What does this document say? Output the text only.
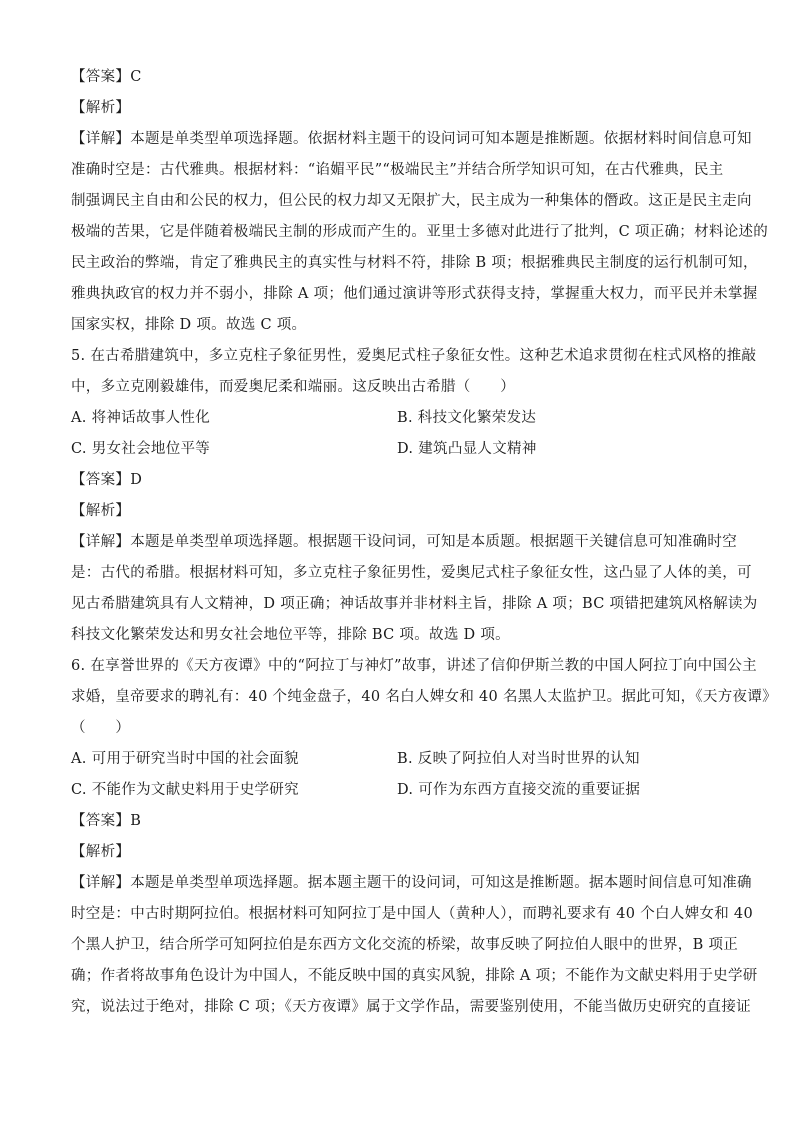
【答案】C
【解析】
【详解】本题是单类型单项选择题。依据材料主题干的设问词可知本题是推断题。依据材料时间信息可知
准确时空是：古代雅典。根据材料：“谄媚平民”“极端民主”并结合所学知识可知，在古代雅典，民主
制强调民主自由和公民的权力，但公民的权力却又无限扩大，民主成为一种集体的僭政。这正是民主走向
极端的苦果，它是伴随着极端民主制的形成而产生的。亚里士多德对此进行了批判，C 项正确；材料论述的
民主政治的弊端，肯定了雅典民主的真实性与材料不符，排除 B 项；根据雅典民主制度的运行机制可知，
雅典执政官的权力并不弱小，排除 A 项；他们通过演讲等形式获得支持，掌握重大权力，而平民并未掌握
国家实权，排除 D 项。故选 C 项。
5. 在古希腊建筑中，多立克柱子象征男性，爱奥尼式柱子象征女性。这种艺术追求贯彻在柱式风格的推敲
中，多立克刚毅雄伟，而爱奥尼柔和端丽。这反映出古希腊（　　）
A. 将神话故事人性化	B. 科技文化繁荣发达
C. 男女社会地位平等	D. 建筑凸显人文精神
【答案】D
【解析】
【详解】本题是单类型单项选择题。根据题干设问词，可知是本质题。根据题干关键信息可知准确时空
是：古代的希腊。根据材料可知，多立克柱子象征男性，爱奥尼式柱子象征女性，这凸显了人体的美，可
见古希腊建筑具有人文精神，D 项正确；神话故事并非材料主旨，排除 A 项；BC 项错把建筑风格解读为
科技文化繁荣发达和男女社会地位平等，排除 BC 项。故选 D 项。
6. 在享誉世界的《天方夜谭》中的“阿拉丁与神灯”故事，讲述了信仰伊斯兰教的中国人阿拉丁向中国公主
求婚，皇帝要求的聘礼有：40 个纯金盘子，40 名白人婢女和 40 名黑人太监护卫。据此可知，《天方夜谭》
（　　）
A. 可用于研究当时中国的社会面貌	B. 反映了阿拉伯人对当时世界的认知
C. 不能作为文献史料用于史学研究	D. 可作为东西方直接交流的重要证据
【答案】B
【解析】
【详解】本题是单类型单项选择题。据本题主题干的设问词，可知这是推断题。据本题时间信息可知准确
时空是：中古时期阿拉伯。根据材料可知阿拉丁是中国人（黄种人），而聘礼要求有 40 个白人婢女和 40
个黑人护卫，结合所学可知阿拉伯是东西方文化交流的桥梁，故事反映了阿拉伯人眼中的世界，B 项正
确；作者将故事角色设计为中国人，不能反映中国的真实风貌，排除 A 项；不能作为文献史料用于史学研
究，说法过于绝对，排除 C 项；《天方夜谭》属于文学作品，需要鉴别使用，不能当做历史研究的直接证
